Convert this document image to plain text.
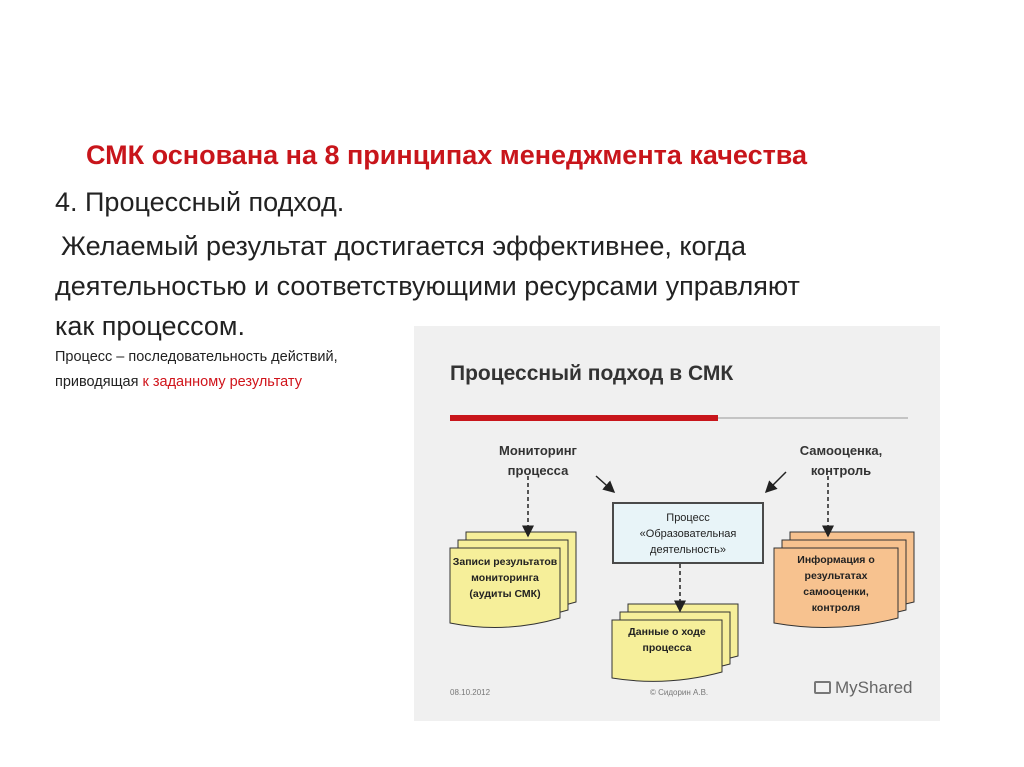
СМК основана на 8 принципах менеджмента качества
4. Процессный подход.
Желаемый результат достигается эффективнее, когда
деятельностью и соответствующими ресурсами управляют
как процессом.
Процесс – последовательность действий,
приводящая к заданному результату	Процессный подход в СМК
Мониторинг
процесса
Самооценка,
контроль
Процесс
«Образовательная
деятельность»
Записи результатов
мониторинга
(аудиты СМК)
Данные о ходе
процесса
Информация о
результатах
самооценки,
контроля
08.10.2012	© Сидорин А.В.	MyShared
